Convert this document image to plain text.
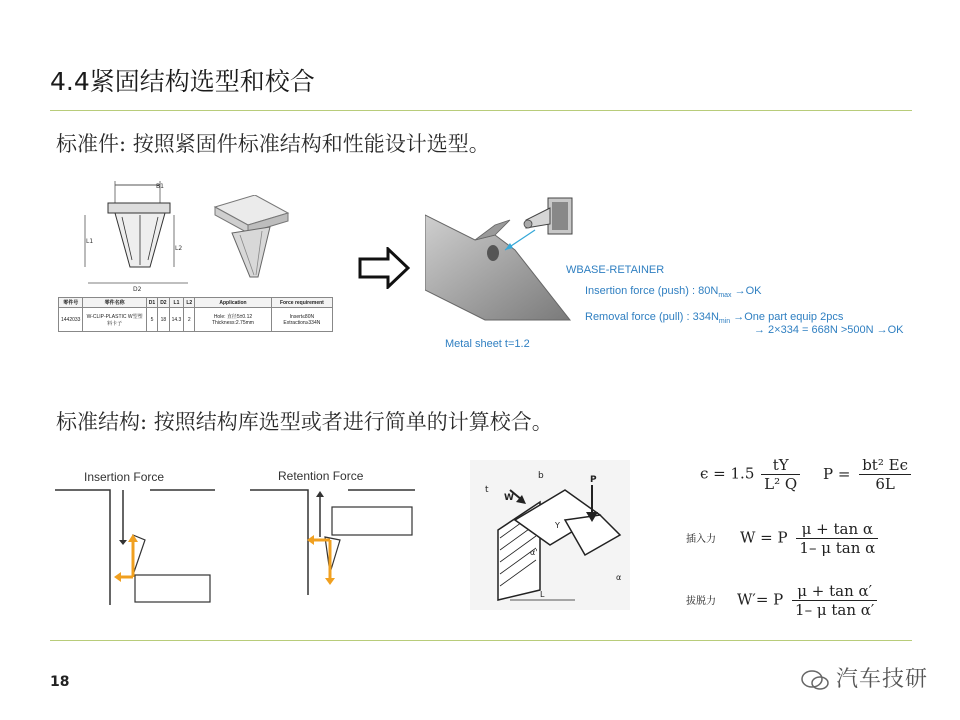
4.4紧固结构选型和校合
标准件: 按照紧固件标准结构和性能设计选型。
B1
L1
L2
D2
零件号	零件名称	D1	D2	L1	L2	Application	Force requirement
1442033	W-CLIP-PLASTIC W型塑料卡子	5	18	14.3	2	Hole: 直径5±0.12 Thickness:2.75mm	Insert≤80N Extraction≥334N
WBASE-RETAINER
Insertion force (push) : $80N_{max} \to OK$
Removal force (pull) : $334N_{min} \to One$ part equip 2pcs
→ 2×334 = 668N >500N →OK
Metal sheet t=1.2
标准结构: 按照结构库选型或者进行简单的计算校合。
Insertion Force	Retention Force
t
b
W
P
Y
α'
α
L
$\epsilon = 1.5 \frac{tY}{\text{L² Q}}$ $P = \frac{\text{bt² Eϵ}}{6L}$
插入力 W = P $\frac{\text{μ + tan α}}{\text{1– μ tan α}}$
拔脱力 W′= P $\frac{\text{μ + tan α′}}{\text{1– μ tan α′}}$
18	汽车技研
